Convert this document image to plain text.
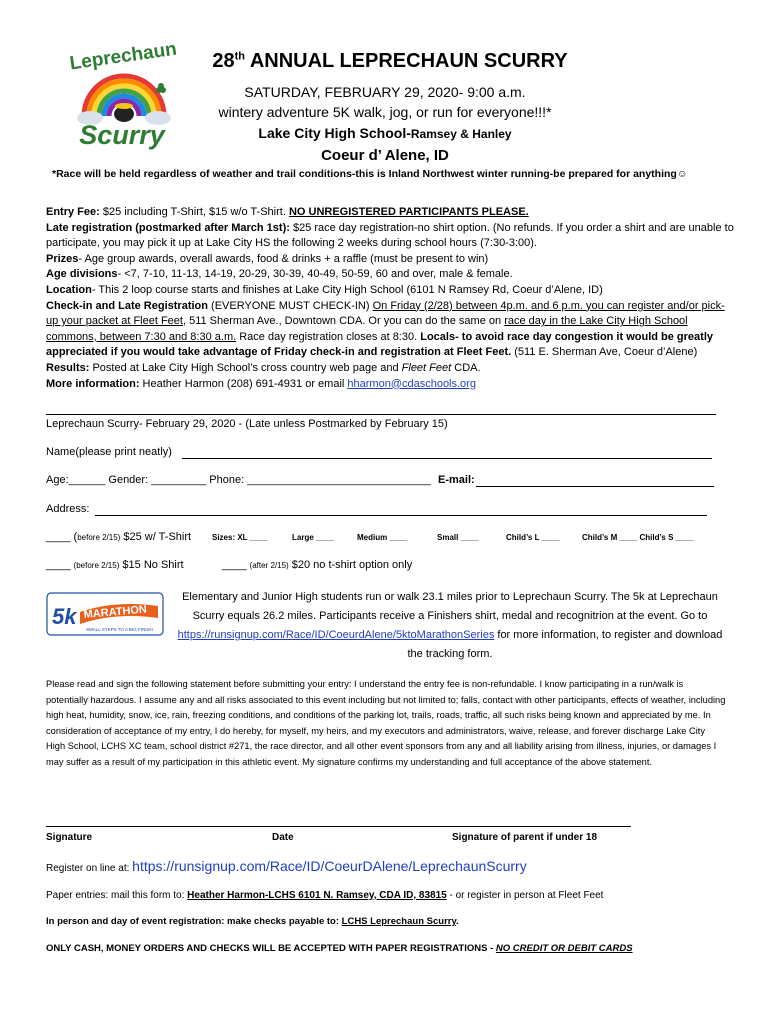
Leprechaun
Scurry
28th ANNUAL LEPRECHAUN SCURRY
SATURDAY, FEBRUARY 29, 2020- 9:00 a.m.
wintery adventure 5K walk, jog, or run for everyone!!!*
Lake City High School-Ramsey & Hanley
Coeur d’ Alene, ID
*Race will be held regardless of weather and trail conditions-this is Inland Northwest winter running-be prepared for anything☺

Entry Fee: $25 including T-Shirt, $15 w/o T-Shirt. NO UNREGISTERED PARTICIPANTS PLEASE.

Late registration (postmarked after March 1st): $25 race day registration-no shirt option. (No refunds. If you order a shirt and are unable to participate, you may pick it up at Lake City HS the following 2 weeks during school hours (7:30-3:00).

Prizes- Age group awards, overall awards, food & drinks + a raffle (must be present to win)

Age divisions- <7, 7-10, 11-13, 14-19, 20-29, 30-39, 40-49, 50-59, 60 and over, male & female.

Location- This 2 loop course starts and finishes at Lake City High School (6101 N Ramsey Rd, Coeur d’Alene, ID)

Check-in and Late Registration (EVERYONE MUST CHECK-IN) On Friday (2/28) between 4p.m. and 6 p.m. you can register and/or pick-up your packet at Fleet Feet, 511 Sherman Ave., Downtown CDA. Or you can do the same on race day in the Lake City High School commons, between 7:30 and 8:30 a.m. Race day registration closes at 8:30. Locals- to avoid race day congestion it would be greatly appreciated if you would take advantage of Friday check-in and registration at Fleet Feet. (511 E. Sherman Ave, Coeur d’Alene)

Results: Posted at Lake City High School’s cross country web page and Fleet Feet CDA.

More information: Heather Harmon (208) 691-4931 or email hharmon@cdaschools.org

Leprechaun Scurry- February 29, 2020 - (Late unless Postmarked by February 15)
Name(please print neatly)
Age:______ Gender: _________ Phone: ______________________________ E-mail:
Address:
____ (before 2/15) $25 w/ T-Shirt	Sizes: XL ____	Large ____	Medium ____	Small ____	Child’s L ____	Child’s M ____ Child’s S ____
____ (before 2/15) $15 No Shirt	____ (after 2/15) $20 no t-shirt option only
5k MARATHON
SMALL STEPS TO A BIG FINISH
Elementary and Junior High students run or walk 23.1 miles prior to Leprechaun Scurry. The 5k at Leprechaun Scurry equals 26.2 miles. Participants receive a Finishers shirt, medal and recognitrion at the event. Go to https://runsignup.com/Race/ID/CoeurdAlene/5ktoMarathonSeries for more information, to register and download the tracking form.
Please read and sign the following statement before submitting your entry: I understand the entry fee is non-refundable. I know participating in a run/walk is potentially hazardous. I assume any and all risks associated to this event including but not limited to; falls, contact with other participants, effects of weather, including high heat, humidity, snow, ice, rain, freezing conditions, and conditions of the parking lot, trails, roads, traffic, all such risks being known and appreciated by me. In consideration of acceptance of my entry, I do hereby, for myself, my heirs, and my executors and administrators, waive, release, and forever discharge Lake City High School, LCHS XC team, school district #271, the race director, and all other event sponsors from any and all liability arising from illness, injuries, or damages I may suffer as a result of my participation in this athletic event. My signature confirms my understanding and full acceptance of the above statement.
Signature	Date	Signature of parent if under 18
Register on line at: https://runsignup.com/Race/ID/CoeurDAlene/LeprechaunScurry
Paper entries: mail this form to: Heather Harmon-LCHS 6101 N. Ramsey, CDA ID, 83815 - or register in person at Fleet Feet
In person and day of event registration: make checks payable to: LCHS Leprechaun Scurry.
ONLY CASH, MONEY ORDERS AND CHECKS WILL BE ACCEPTED WITH PAPER REGISTRATIONS - NO CREDIT OR DEBIT CARDS
